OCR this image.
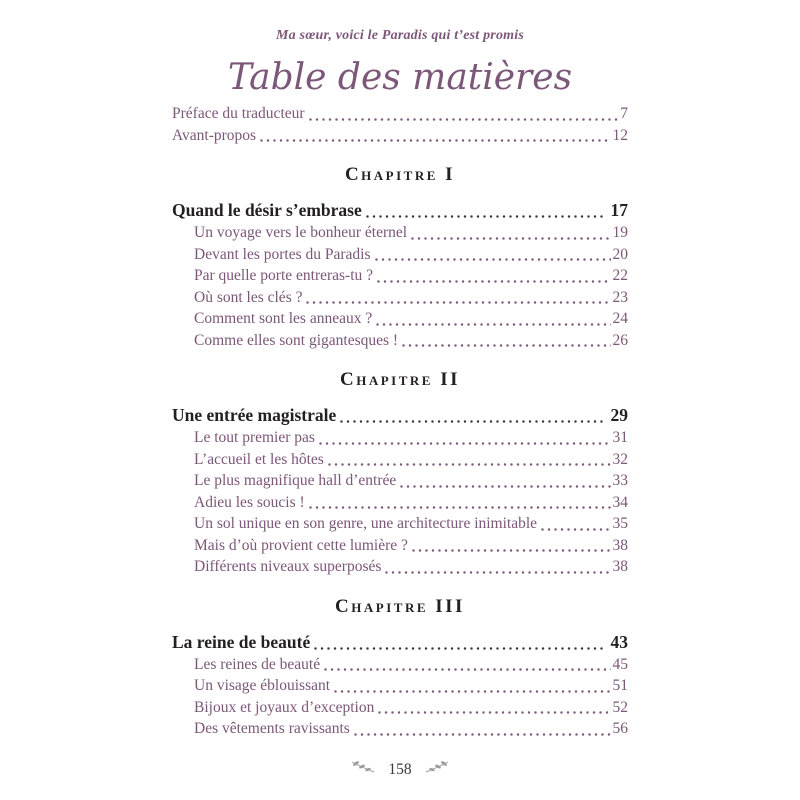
Ma sœur, voici le Paradis qui t’est promis
Table des matières
Préface du traducteur	7
Avant-propos	12
Chapitre I
Quand le désir s’embrase	17
Un voyage vers le bonheur éternel	19
Devant les portes du Paradis	20
Par quelle porte entreras-tu ?	22
Où sont les clés ?	23
Comment sont les anneaux ?	24
Comme elles sont gigantesques !	26
Chapitre II
Une entrée magistrale	29
Le tout premier pas	31
L’accueil et les hôtes	32
Le plus magnifique hall d’entrée	33
Adieu les soucis !	34
Un sol unique en son genre, une architecture inimitable	35
Mais d’où provient cette lumière ?	38
Différents niveaux superposés	38
Chapitre III
La reine de beauté	43
Les reines de beauté	45
Un visage éblouissant	51
Bijoux et joyaux d’exception	52
Des vêtements ravissants	56
158
